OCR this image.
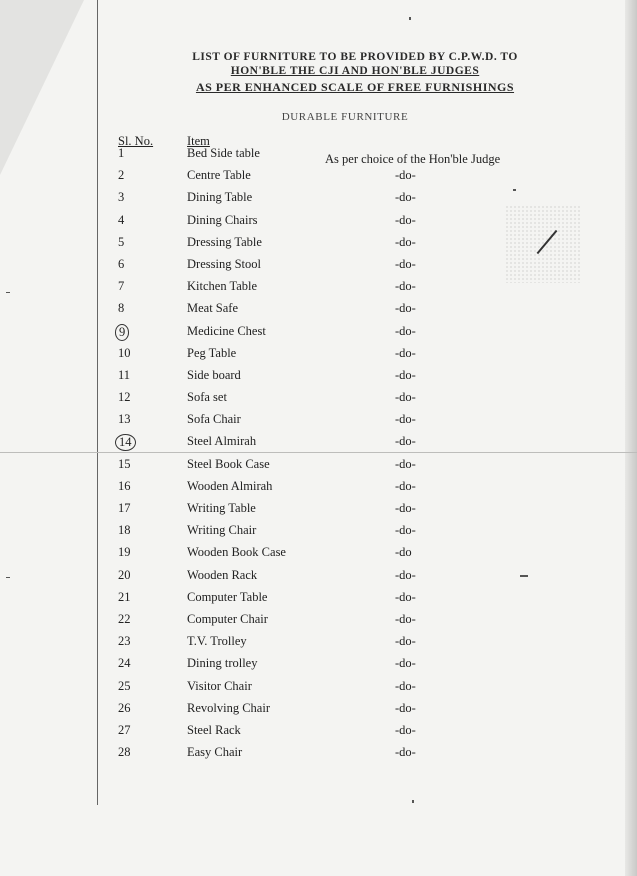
LIST OF FURNITURE TO BE PROVIDED BY C.P.W.D. TO
HON'BLE THE CJI AND HON'BLE JUDGES
AS PER ENHANCED SCALE OF FREE FURNISHINGS
DURABLE FURNITURE
Sl. No.	Item
1	Bed Side table	As per choice of the Hon'ble Judge
2	Centre Table	-do-
3	Dining Table	-do-
4	Dining Chairs	-do-
5	Dressing Table	-do-
6	Dressing Stool	-do-
7	Kitchen Table	-do-
8	Meat Safe	-do-
9	Medicine Chest	-do-
10	Peg Table	-do-
11	Side board	-do-
12	Sofa set	-do-
13	Sofa Chair	-do-
14	Steel Almirah	-do-
15	Steel Book Case	-do-
16	Wooden Almirah	-do-
17	Writing Table	-do-
18	Writing Chair	-do-
19	Wooden Book Case	-do
20	Wooden Rack	-do-
21	Computer Table	-do-
22	Computer Chair	-do-
23	T.V. Trolley	-do-
24	Dining trolley	-do-
25	Visitor Chair	-do-
26	Revolving Chair	-do-
27	Steel Rack	-do-
28	Easy Chair	-do-
